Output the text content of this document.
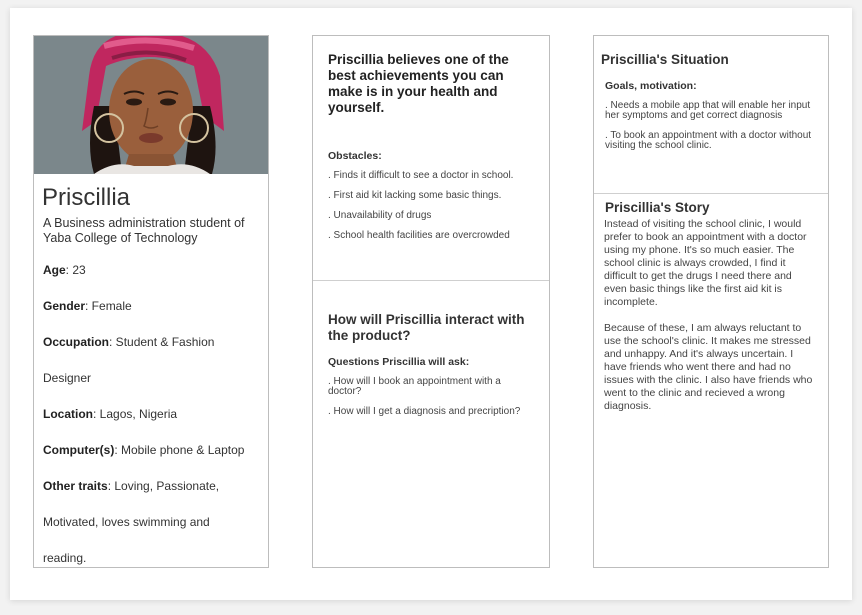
Priscillia

A Business administration student of Yaba College of Technology

Age: 23

Gender: Female

Occupation: Student & Fashion

Designer

Location: Lagos, Nigeria

Computer(s): Mobile phone & Laptop

Other traits: Loving, Passionate,

Motivated, loves swimming and

reading.

Priscillia believes one of the best achievements you can make is in your health and yourself.

Obstacles:

. Finds it difficult to see a doctor in school.

. First aid kit lacking some basic things.

. Unavailability of drugs

. School health facilities are overcrowded

How will Priscillia interact with the product?

Questions Priscillia will ask:

. How will I book an appointment with a doctor?

. How will I get a diagnosis and precription?

Priscillia's Situation

Goals, motivation:

. Needs a mobile app that will enable her input her symptoms and get correct diagnosis

. To book an appointment with a doctor without visiting the school clinic.

Priscillia's Story

Instead of visiting the school clinic, I would prefer to book an appointment with a doctor using my phone. It's so much easier. The school clinic is always crowded, I find it difficult to get the drugs I need there and even basic things like the first aid kit is incomplete.

Because of these, I am always reluctant to use the school's clinic. It makes me stressed and unhappy. And it's always uncertain. I have friends who went there and had no issues with the clinic. I also have friends who went to the clinic and recieved a wrong diagnosis.
